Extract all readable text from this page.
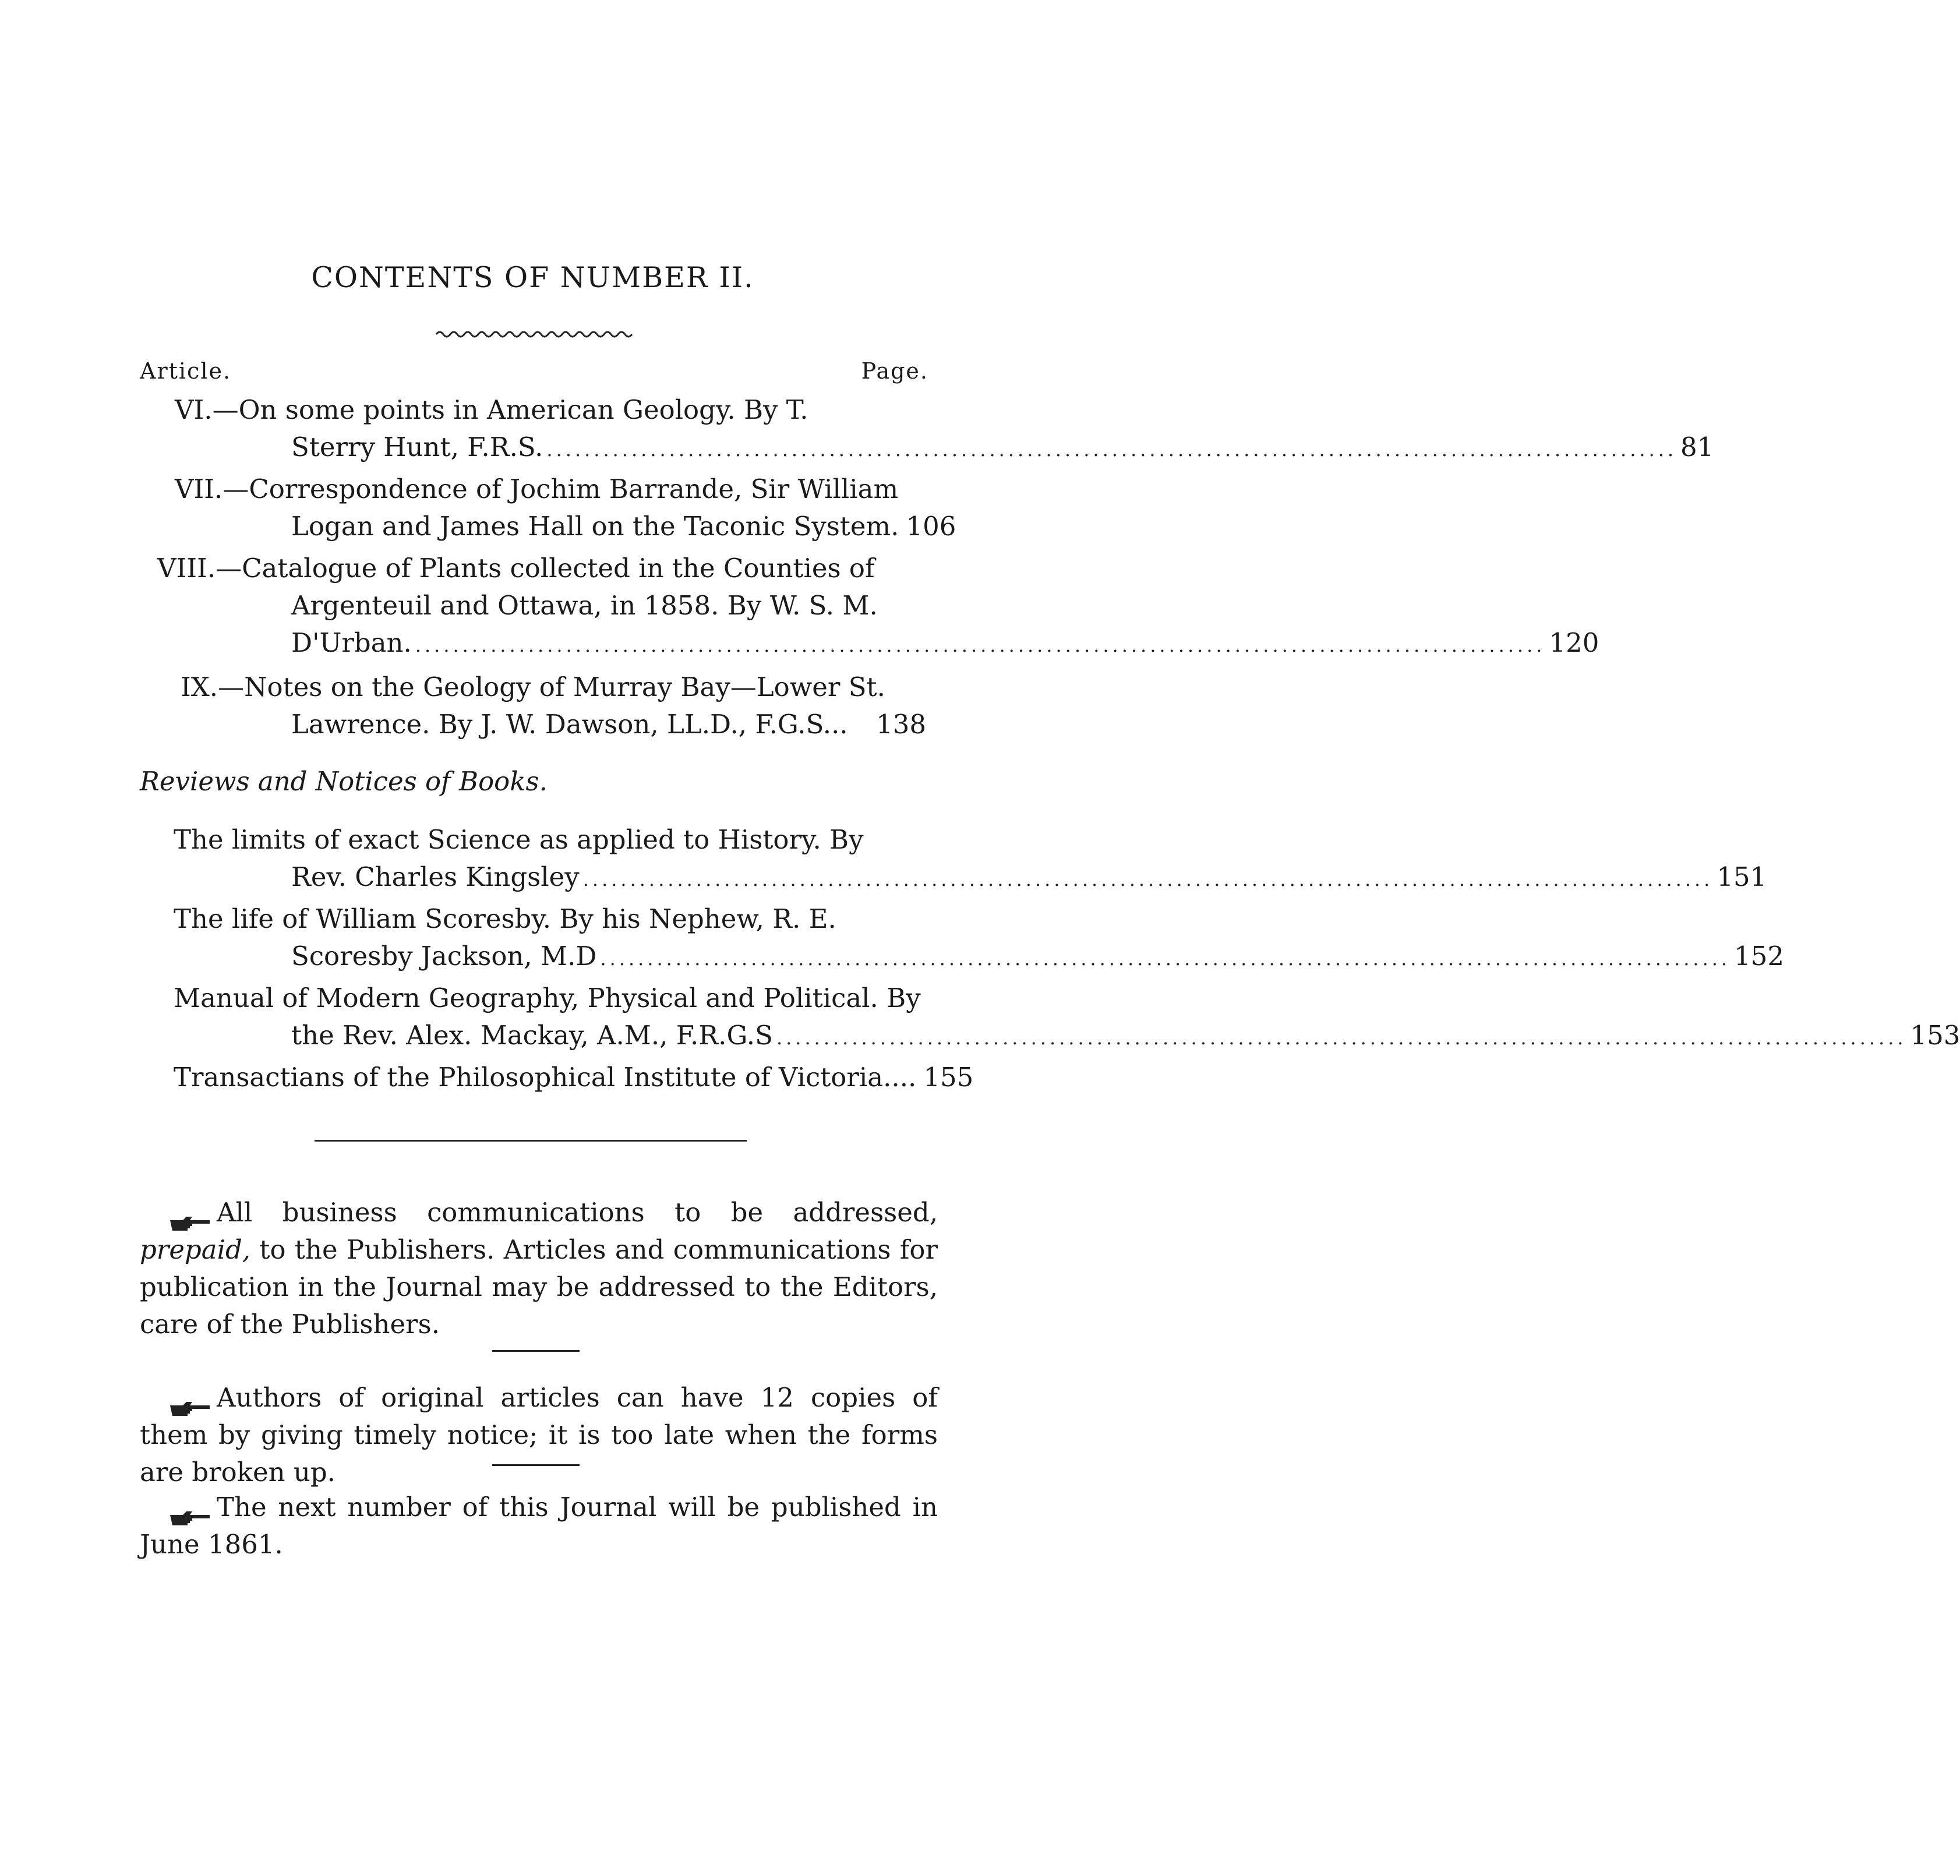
CONTENTS OF NUMBER II.
Article.	Page.
VI.—On some points in American Geology. By T.
Sterry Hunt, F.R.S. ........................................................................................................................ 81
VII.—Correspondence of Jochim Barrande, Sir William
Logan and James Hall on the Taconic System. 106
VIII.—Catalogue of Plants collected in the Counties of
Argenteuil and Ottawa, in 1858. By W. S. M.
D'Urban. ........................................................................................................................ 120
IX.—Notes on the Geology of Murray Bay—Lower St.
Lawrence. By J. W. Dawson, LL.D., F.G.S... 138
Reviews and Notices of Books.
The limits of exact Science as applied to History. By
Rev. Charles Kingsley ........................................................................................................................ 151
The life of William Scoresby. By his Nephew, R. E.
Scoresby Jackson, M.D ........................................................................................................................ 152
Manual of Modern Geography, Physical and Political. By
the Rev. Alex. Mackay, A.M., F.R.G.S ........................................................................................................................ 153
Transactians of the Philosophical Institute of Victoria.... 155
All business communications to be addressed, prepaid, to the Publishers. Articles and communications for publication in the Journal may be addressed to the Editors, care of the Publishers.
Authors of original articles can have 12 copies of them by giving timely notice; it is too late when the forms are broken up.
The next number of this Journal will be published in June 1861.
